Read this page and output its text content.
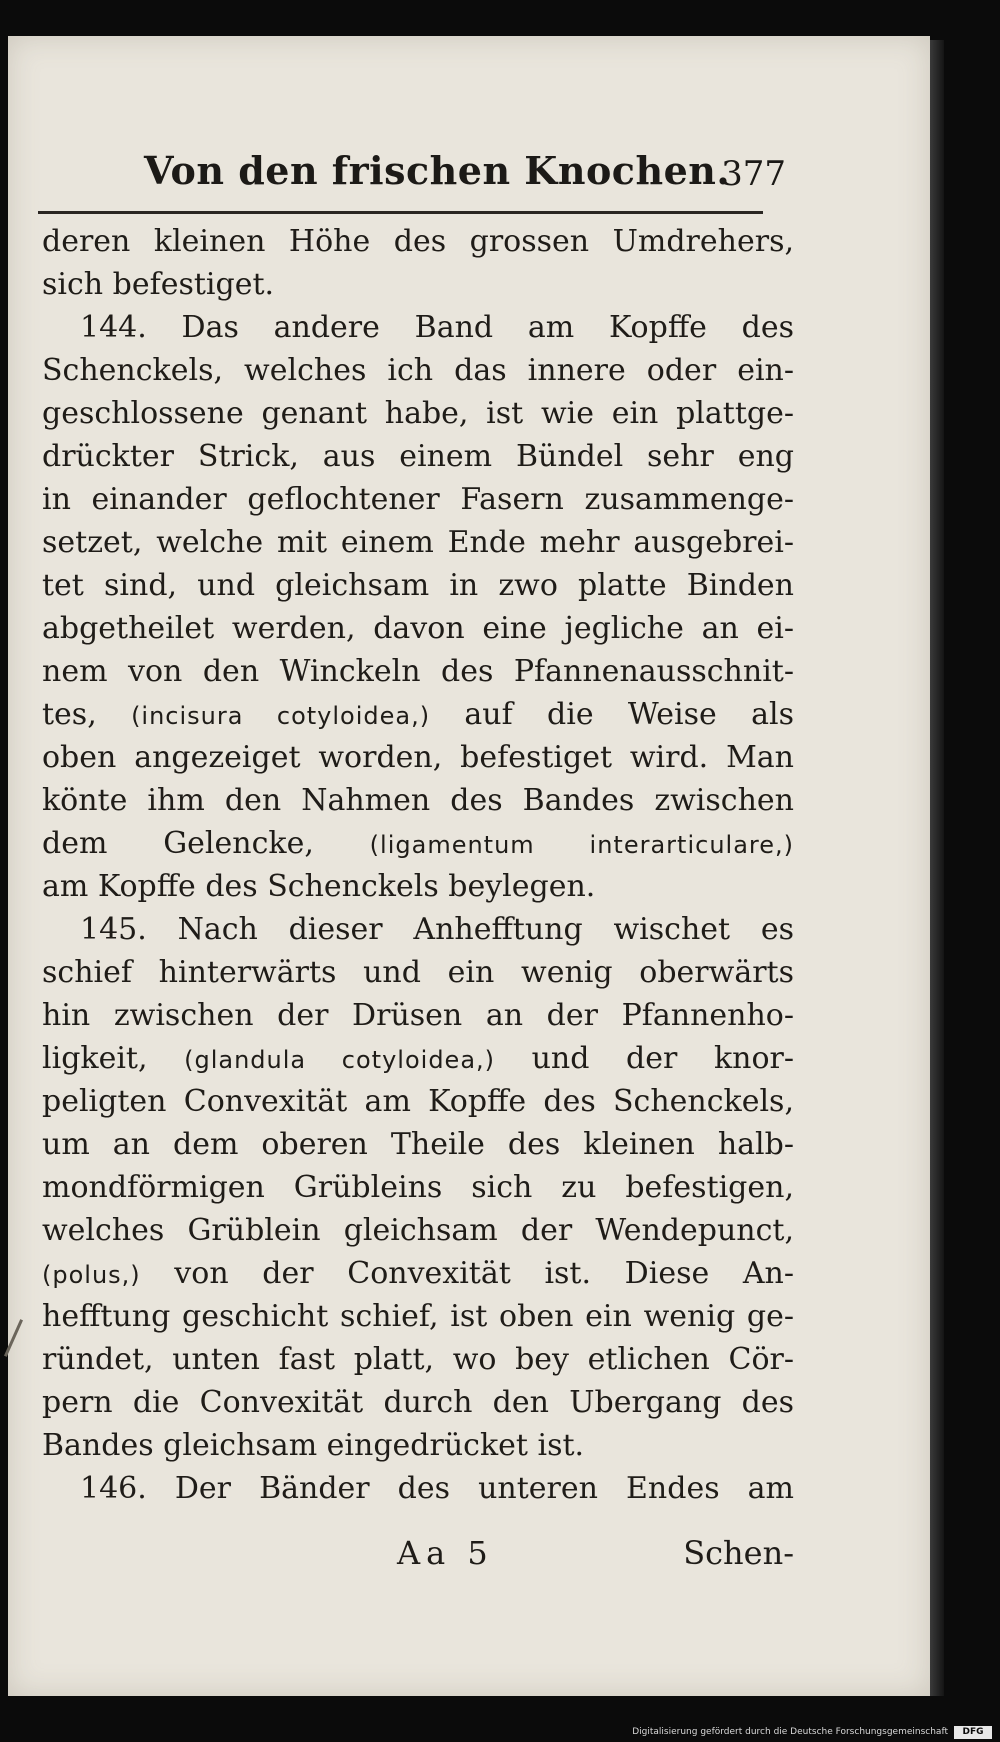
Von den frischen Knochen.
377
deren kleinen Höhe des grossen Umdrehers,
sich befestiget.
144. Das andere Band am Kopffe des
Schenckels, welches ich das innere oder ein-
geschlossene genant habe, ist wie ein plattge-
drückter Strick, aus einem Bündel sehr eng
in einander geflochtener Fasern zusammenge-
setzet, welche mit einem Ende mehr ausgebrei-
tet sind, und gleichsam in zwo platte Binden
abgetheilet werden, davon eine jegliche an ei-
nem von den Winckeln des Pfannenausschnit-
tes, (incisura cotyloidea,) auf die Weise als
oben angezeiget worden, befestiget wird. Man
könte ihm den Nahmen des Bandes zwischen
dem Gelencke, (ligamentum interarticulare,)
am Kopffe des Schenckels beylegen.
145. Nach dieser Anhefftung wischet es
schief hinterwärts und ein wenig oberwärts
hin zwischen der Drüsen an der Pfannenho-
ligkeit, (glandula cotyloidea,) und der knor-
peligten Convexität am Kopffe des Schenckels,
um an dem oberen Theile des kleinen halb-
mondförmigen Grübleins sich zu befestigen,
welches Grüblein gleichsam der Wendepunct,
(polus,) von der Convexität ist. Diese An-
hefftung geschicht schief, ist oben ein wenig ge-
ründet, unten fast platt, wo bey etlichen Cör-
pern die Convexität durch den Ubergang des
Bandes gleichsam eingedrücket ist.
146. Der Bänder des unteren Endes am
Aa 5	Schen-
Digitalisierung gefördert durch die Deutsche Forschungsgemeinschaft	DFG
